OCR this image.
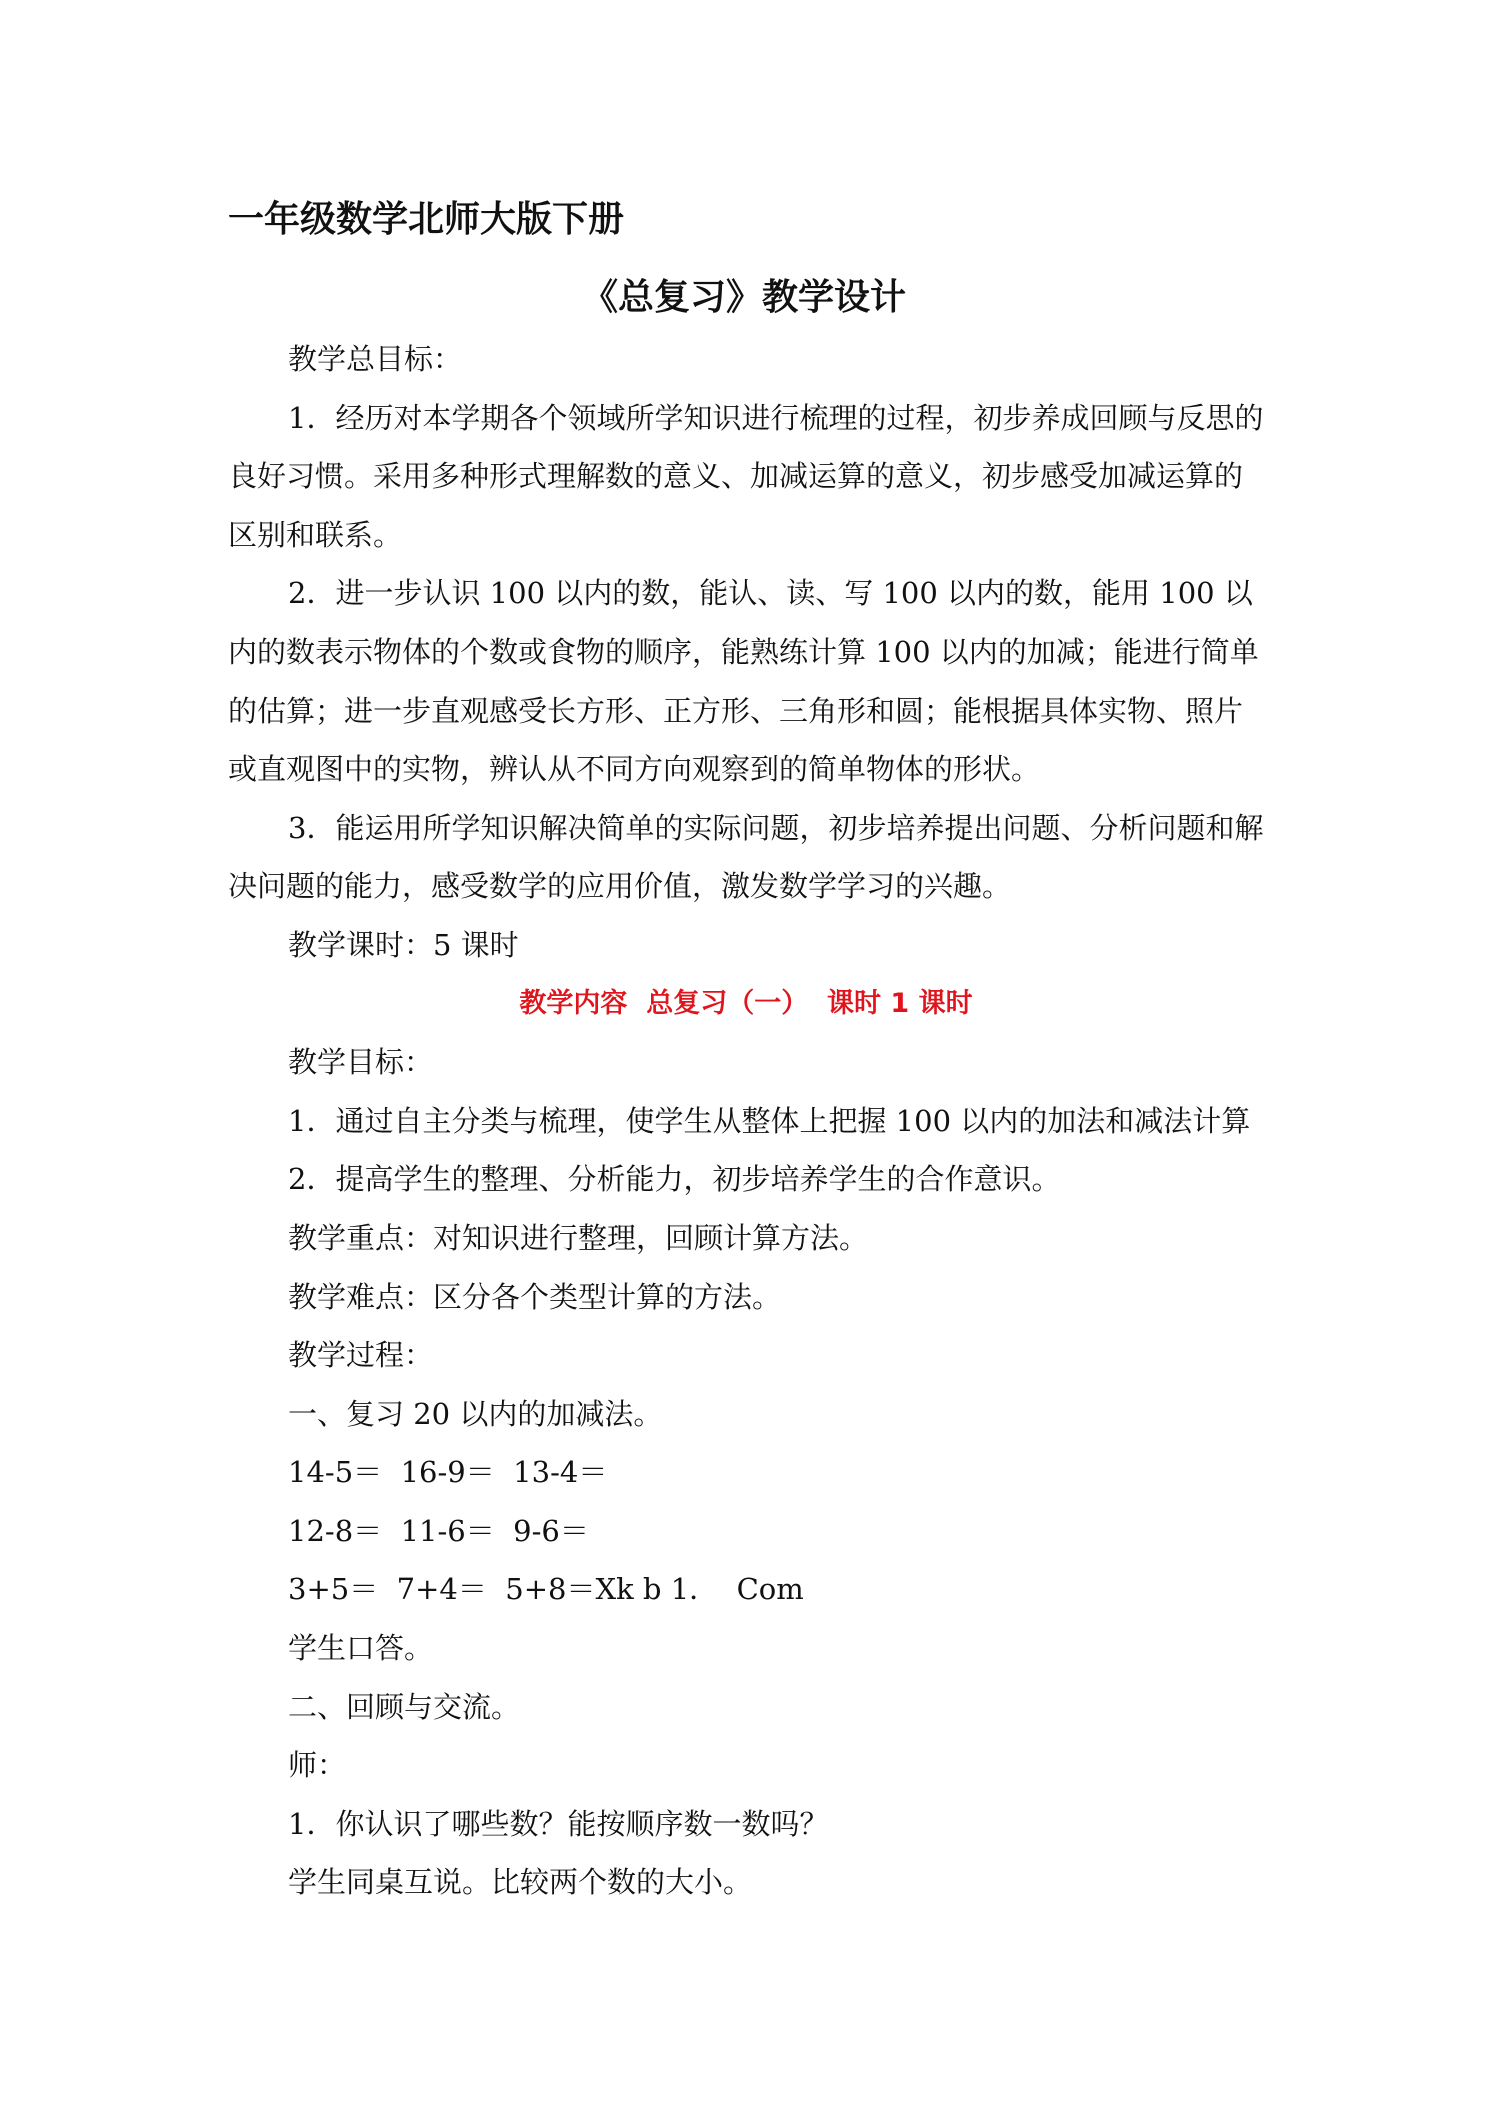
一年级数学北师大版下册
《总复习》教学设计

教学总目标：

1．经历对本学期各个领域所学知识进行梳理的过程，初步养成回顾与反思的良好习惯。采用多种形式理解数的意义、加减运算的意义，初步感受加减运算的区别和联系。

2．进一步认识 100 以内的数，能认、读、写 100 以内的数，能用 100 以内的数表示物体的个数或食物的顺序，能熟练计算 100 以内的加减；能进行简单的估算；进一步直观感受长方形、正方形、三角形和圆；能根据具体实物、照片或直观图中的实物，辨认从不同方向观察到的简单物体的形状。

3．能运用所学知识解决简单的实际问题，初步培养提出问题、分析问题和解决问题的能力，感受数学的应用价值，激发数学学习的兴趣。

教学课时：5 课时

教学内容  总复习（一）  课时 1 课时

教学目标：

1．通过自主分类与梳理，使学生从整体上把握 100 以内的加法和减法计算

2．提高学生的整理、分析能力，初步培养学生的合作意识。

教学重点：对知识进行整理，回顾计算方法。

教学难点：区分各个类型计算的方法。

教学过程：

一、复习 20 以内的加减法。

14-5＝  16-9＝  13-4＝

12-8＝  11-6＝  9-6＝

3+5＝  7+4＝  5+8＝Xk b 1．  Com

学生口答。

二、回顾与交流。

师：

1．你认识了哪些数？能按顺序数一数吗？

学生同桌互说。比较两个数的大小。
